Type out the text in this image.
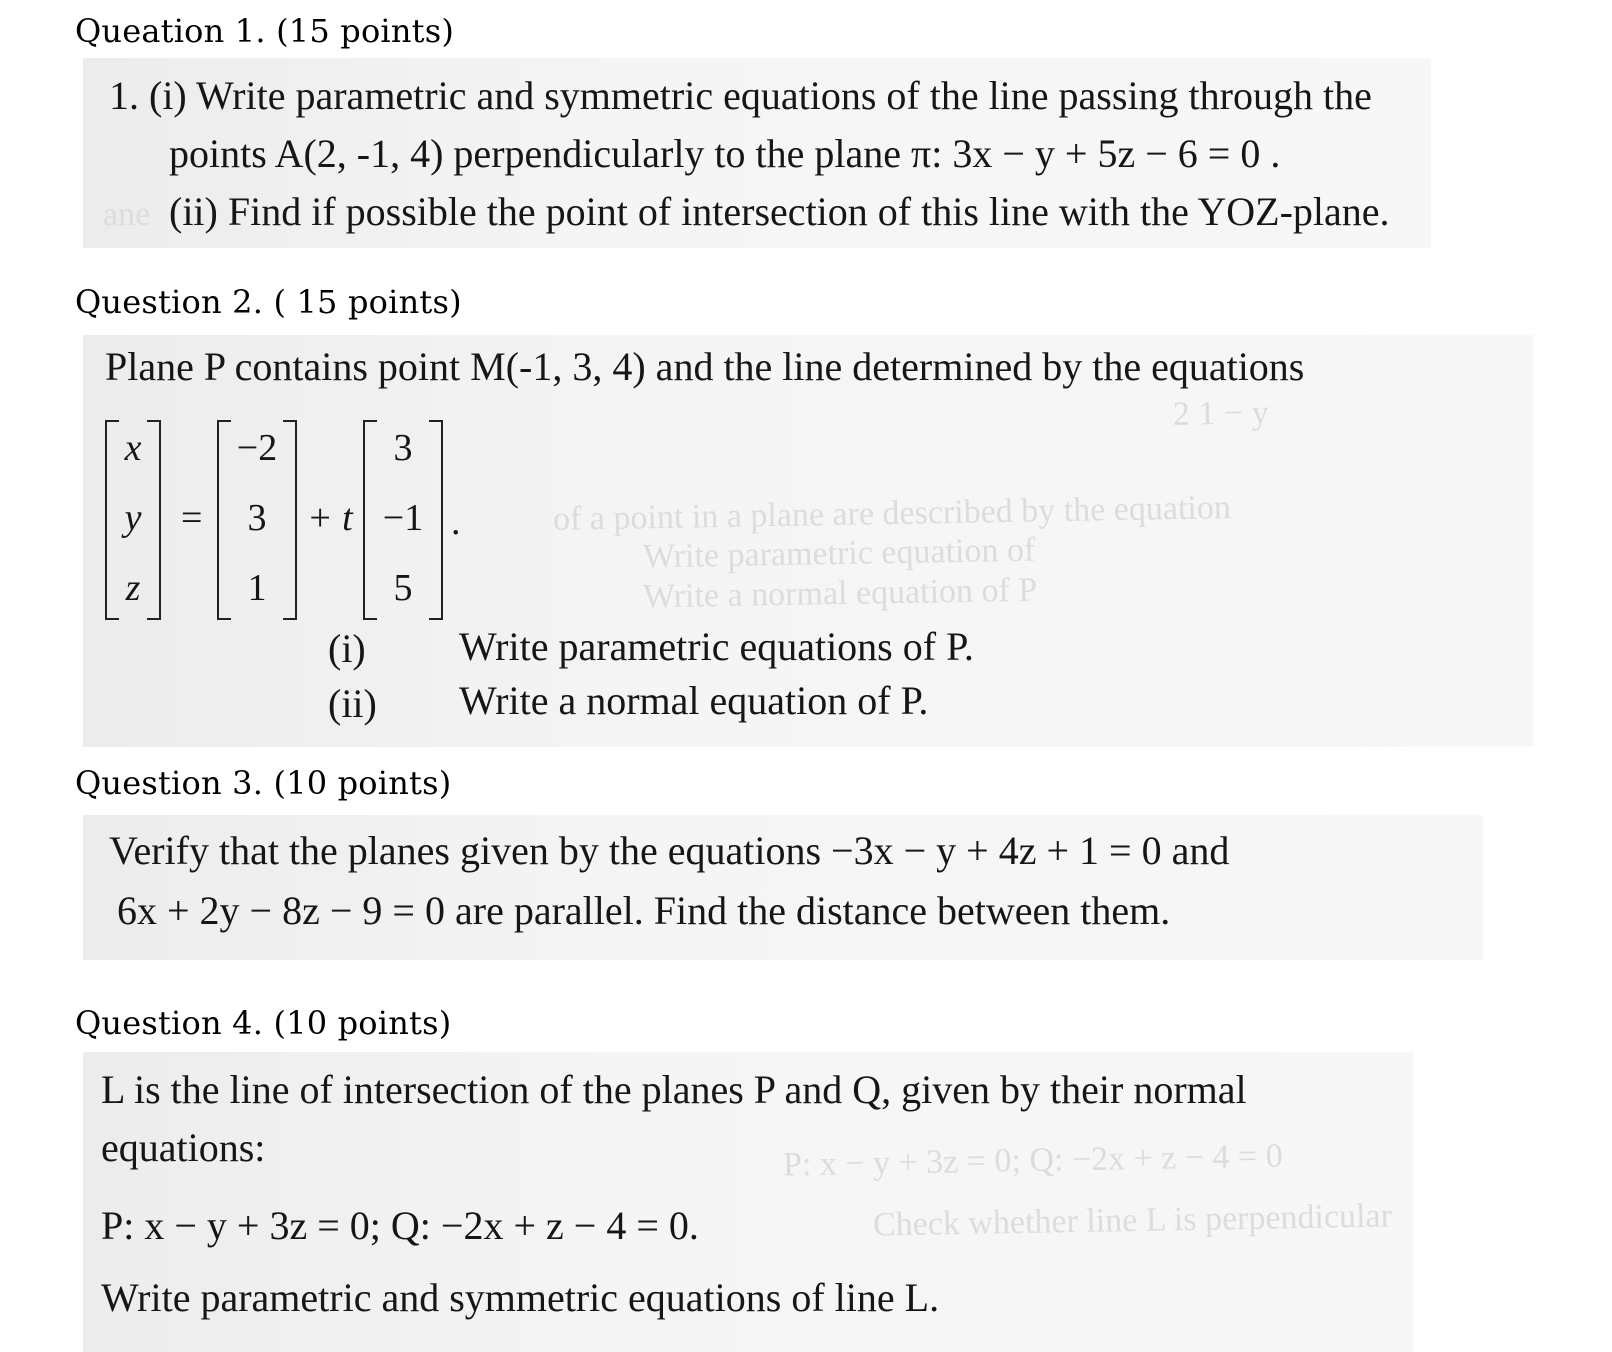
Queation 1. (15 points)
ane
1. (i) Write parametric and symmetric equations of the line passing through the
points A(2, -1, 4) perpendicularly to the plane π: 3x − y + 5z − 6 = 0 .
(ii) Find if possible the point of intersection of this line with the YOZ-plane.
Question 2. ( 15 points)
2 1 − y
of a point in a plane are described by the equation
Write parametric equation of
Write a normal equation of P
Plane P contains point M(-1, 3, 4) and the line determined by the equations
x
y
z
=
−2
3
1
+ t
3
−1
5
.
(i) Write parametric equations of P.
(ii) Write a normal equation of P.
Question 3. (10 points)
Verify that the planes given by the equations −3x − y + 4z + 1 = 0 and
6x + 2y − 8z − 9 = 0 are parallel. Find the distance between them.
Question 4. (10 points)
P: x − y + 3z = 0; Q: −2x + z − 4 = 0
Check whether line L is perpendicular
L is the line of intersection of the planes P and Q, given by their normal
equations:
P: x − y + 3z = 0; Q: −2x + z − 4 = 0.
Write parametric and symmetric equations of line L.
